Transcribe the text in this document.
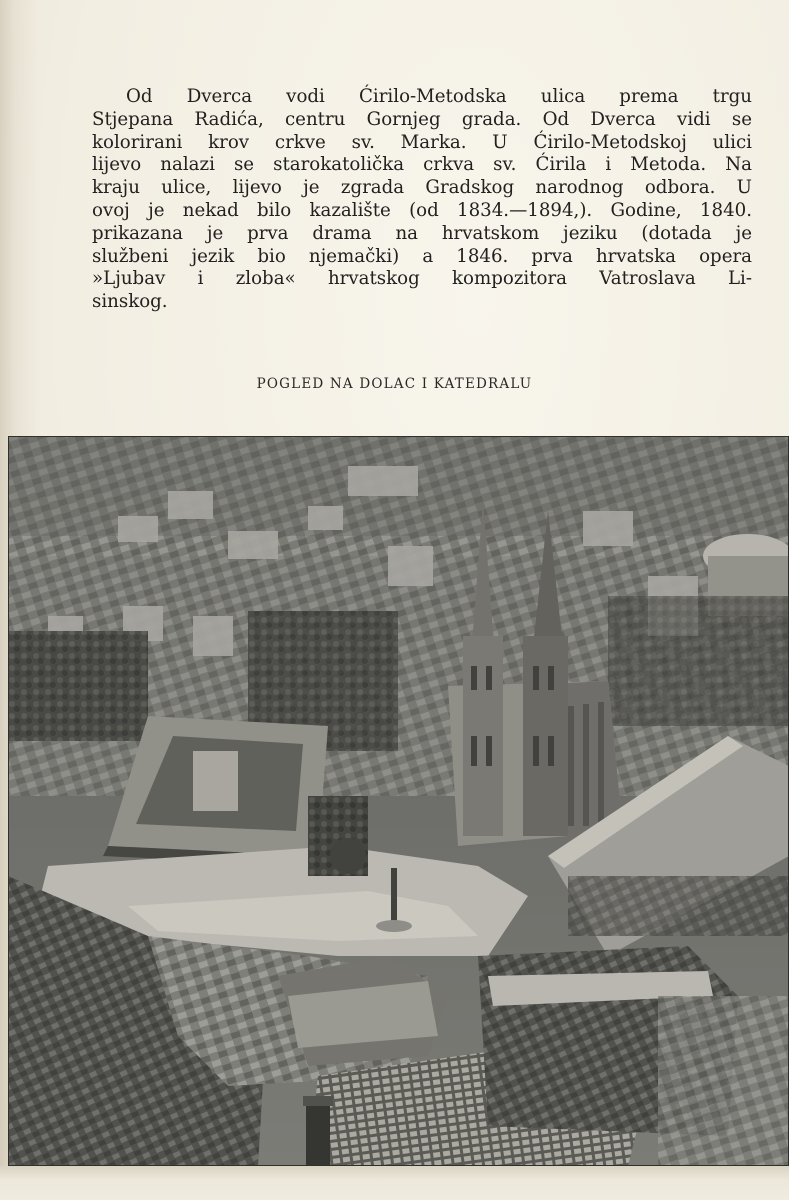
Od Dverca vodi Ćirilo-Metodska ulica prema trgu
Stjepana Radića, centru Gornjeg grada. Od Dverca vidi se
kolorirani krov crkve sv. Marka. U Ćirilo-Metodskoj ulici
lijevo nalazi se starokatolička crkva sv. Ćirila i Metoda. Na
kraju ulice, lijevo je zgrada Gradskog narodnog odbora. U
ovoj je nekad bilo kazalište (od 1834.—1894,). Godine, 1840.
prikazana je prva drama na hrvatskom jeziku (dotada je
službeni jezik bio njemački) a 1846. prva hrvatska opera
»Ljubav i zloba« hrvatskog kompozitora Vatroslava Li-
sinskog.
POGLED NA DOLAC I KATEDRALU
